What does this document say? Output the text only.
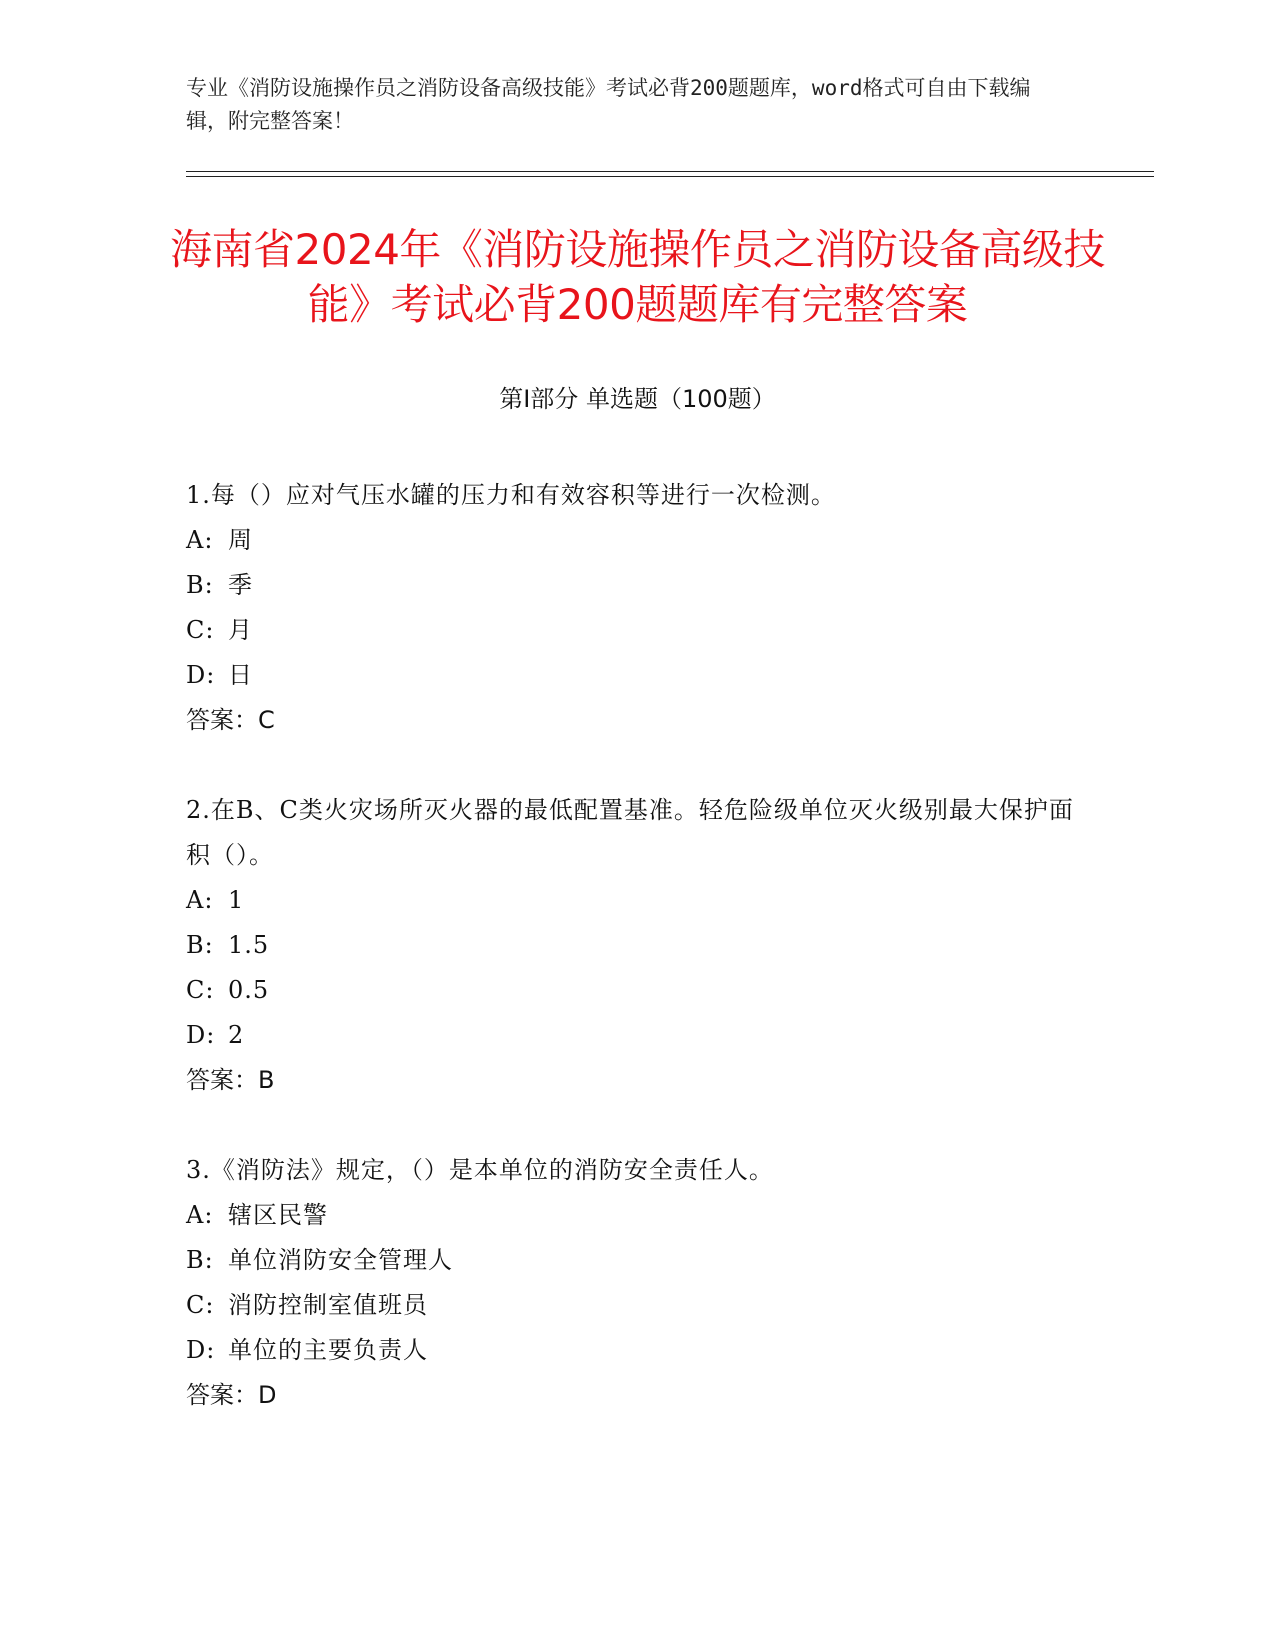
专业《消防设施操作员之消防设备高级技能》考试必背200题题库，word格式可自由下载编辑，附完整答案！
海南省2024年《消防设施操作员之消防设备高级技能》考试必背200题题库有完整答案
第I部分 单选题（100题）
1.每（）应对气压水罐的压力和有效容积等进行一次检测。
A: 周
B: 季
C: 月
D: 日
答案：C
2.在B、C类火灾场所灭火器的最低配置基准。轻危险级单位灭火级别最大保护面积（）。
A: 1
B: 1.5
C: 0.5
D: 2
答案：B
3.《消防法》规定，（）是本单位的消防安全责任人。
A: 辖区民警
B: 单位消防安全管理人
C: 消防控制室值班员
D: 单位的主要负责人
答案：D
